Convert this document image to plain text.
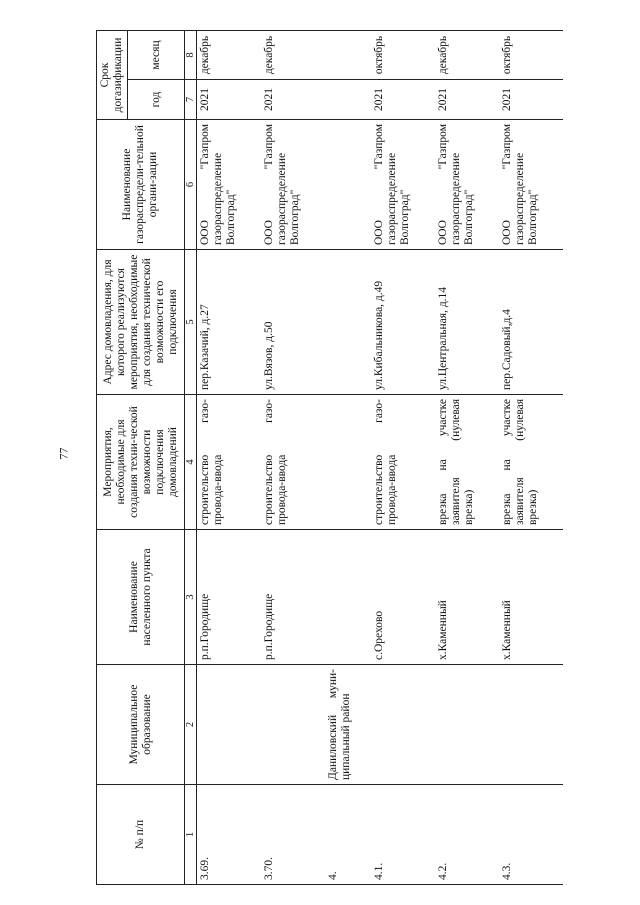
77
№ п/п	Муниципальное образование	Наименование населенного пункта	Мероприятия, необходимые для создания техни-ческой возможности подключения домовладений	Адрес домовладения, для которого реализуются мероприятия, необходимые для создания технической возможности его подключения	Наименование газораспредели-тельной органи-зации	Срок догазификации	
						год	месяц
1	2	3	4	5	6	7	8
3.69.		р.п.Городище	строительство газо-провода-ввода	пер.Казачий, д.27	ООО "Газпром газораспределение Волгоград"	2021	декабрь
3.70.		р.п.Городище	строительство газо-провода-ввода	ул.Вязов, д.50	ООО "Газпром газораспределение Волгоград"	2021	декабрь
4.	Даниловский муни-ципальный район						
4.1.		с.Орехово	строительство газо-провода-ввода	ул.Кибальникова, д.49	ООО "Газпром газораспределение Волгоград"	2021	октябрь
4.2.		х.Каменный	врезка на участке заявителя (нулевая врезка)	ул.Центральная, д.14	ООО "Газпром газораспределение Волгоград"	2021	декабрь
4.3.		х.Каменный	врезка на участке заявителя (нулевая врезка)	пер.Садовый,д.4	ООО "Газпром газораспределение Волгоград"	2021	октябрь
